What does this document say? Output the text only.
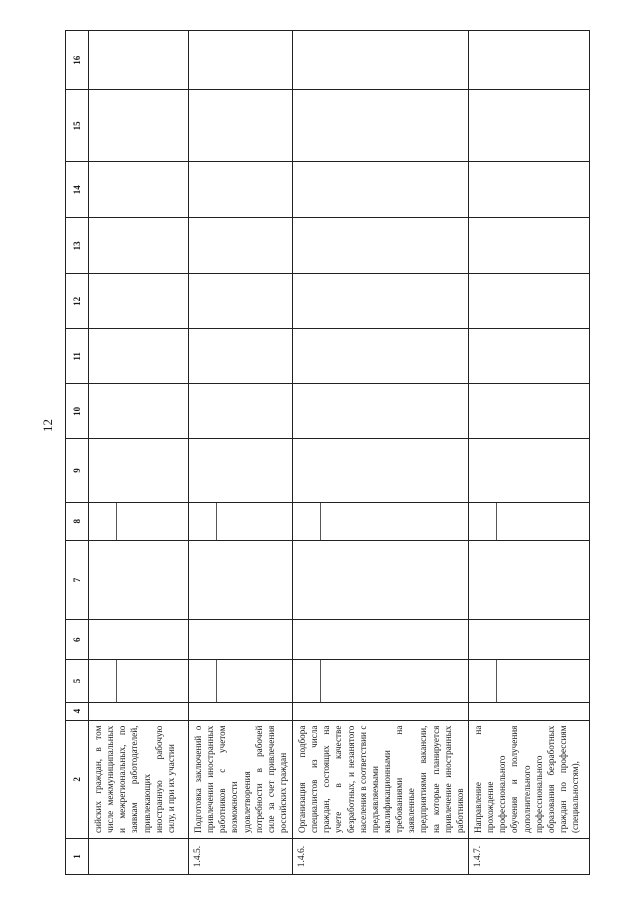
12
1	2		4	5	6	7	8	9	10	11	12	13	14	15	16
	сийских граждан, в том числе межмуниципальных и межрегиональных, по заявкам работодателей, привлекающих иностранную рабочую силу, и при их участии													
1.4.5.	Подготовка заключений о привлечении иностранных работников с учетом возможности удовлетворения потребности в рабочей силе за счет привлечения российских граждан													
1.4.6.	Организация подбора специалистов из числа граждан, состоящих на учете в качестве безработных, и незанятого населения в соответствии с предъявляемыми квалификационными требованиями на заявленные предприятиями вакансии, на которые планируется привлечение иностранных работников													
1.4.7.	Направление на прохождение профессионального обучения и получения дополнительного профессионального образования безработных граждан по профессиям (специальностям),													
